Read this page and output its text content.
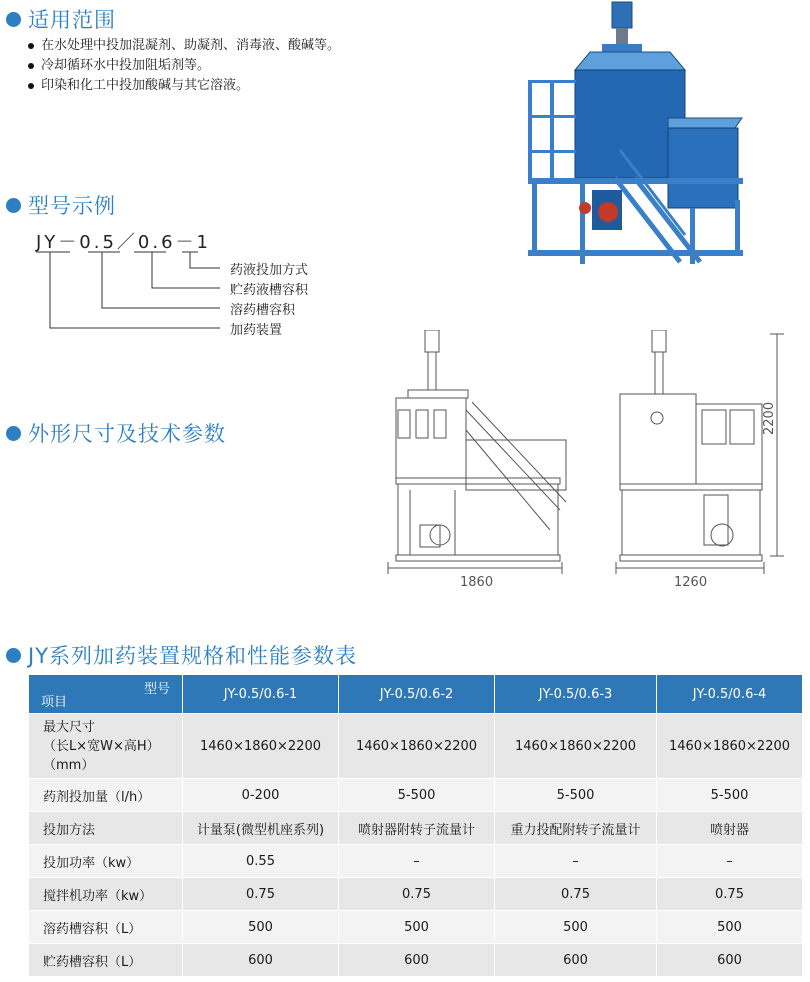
适用范围
在水处理中投加混凝剂、助凝剂、消毒液、酸碱等。
冷却循环水中投加阻垢剂等。
印染和化工中投加酸碱与其它溶液。
型号示例
JY－0.5／0.6－1
药液投加方式
贮药液槽容积
溶药槽容积
加药装置
外形尺寸及技术参数
1860	1260
2200
JY系列加药装置规格和性能参数表
型号
项目	JY-0.5/0.6-1	JY-0.5/0.6-2	JY-0.5/0.6-3	JY-0.5/0.6-4
最大尺寸
（长L×宽W×高H）
（mm）	1460×1860×2200	1460×1860×2200	1460×1860×2200	1460×1860×2200
药剂投加量（l/h）	0-200	5-500	5-500	5-500
投加方法	计量泵(微型机座系列)	喷射器附转子流量计	重力投配附转子流量计	喷射器
投加功率（kw）	0.55	–	–	–
搅拌机功率（kw）	0.75	0.75	0.75	0.75
溶药槽容积（L）	500	500	500	500
贮药槽容积（L）	600	600	600	600
